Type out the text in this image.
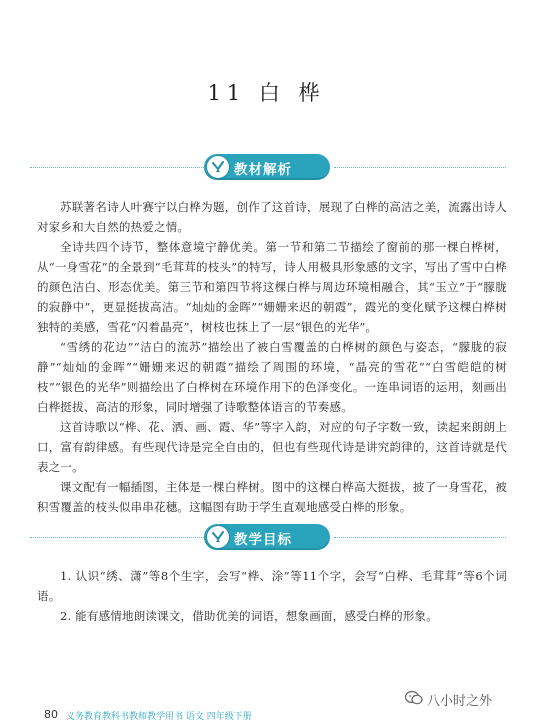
11 白 桦
教材解析

苏联著名诗人叶赛宁以白桦为题，创作了这首诗，展现了白桦的高洁之美，流露出诗人对家乡和大自然的热爱之情。

全诗共四个诗节，整体意境宁静优美。第一节和第二节描绘了窗前的那一棵白桦树，从“一身雪花”的全景到“毛茸茸的枝头”的特写，诗人用极具形象感的文字，写出了雪中白桦的颜色洁白、形态优美。第三节和第四节将这棵白桦与周边环境相融合，其“玉立”于“朦胧的寂静中”，更显挺拔高洁。“灿灿的金晖”“姗姗来迟的朝霞”，霞光的变化赋予这棵白桦树独特的美感，雪花“闪着晶亮”，树枝也抹上了一层“银色的光华”。

“雪绣的花边”“洁白的流苏”描绘出了被白雪覆盖的白桦树的颜色与姿态，“朦胧的寂静”“灿灿的金晖”“姗姗来迟的朝霞”描绘了周围的环境，“晶亮的雪花”“白雪皑皑的树枝”“银色的光华”则描绘出了白桦树在环境作用下的色泽变化。一连串词语的运用，刻画出白桦挺拔、高洁的形象，同时增强了诗歌整体语言的节奏感。

这首诗歌以“桦、花、洒、画、霞、华”等字入韵，对应的句子字数一致，读起来朗朗上口，富有韵律感。有些现代诗是完全自由的，但也有些现代诗是讲究韵律的，这首诗就是代表之一。

课文配有一幅插图，主体是一棵白桦树。图中的这棵白桦高大挺拔，披了一身雪花，被积雪覆盖的枝头似串串花穗。这幅图有助于学生直观地感受白桦的形象。

教学目标

1. 认识“绣、潇”等8个生字，会写“桦、涂”等11个字，会写“白桦、毛茸茸”等6个词语。

2. 能有感情地朗读课文，借助优美的词语，想象画面，感受白桦的形象。

80 义务教育教科书教师教学用书 语文 四年级下册
八小时之外
